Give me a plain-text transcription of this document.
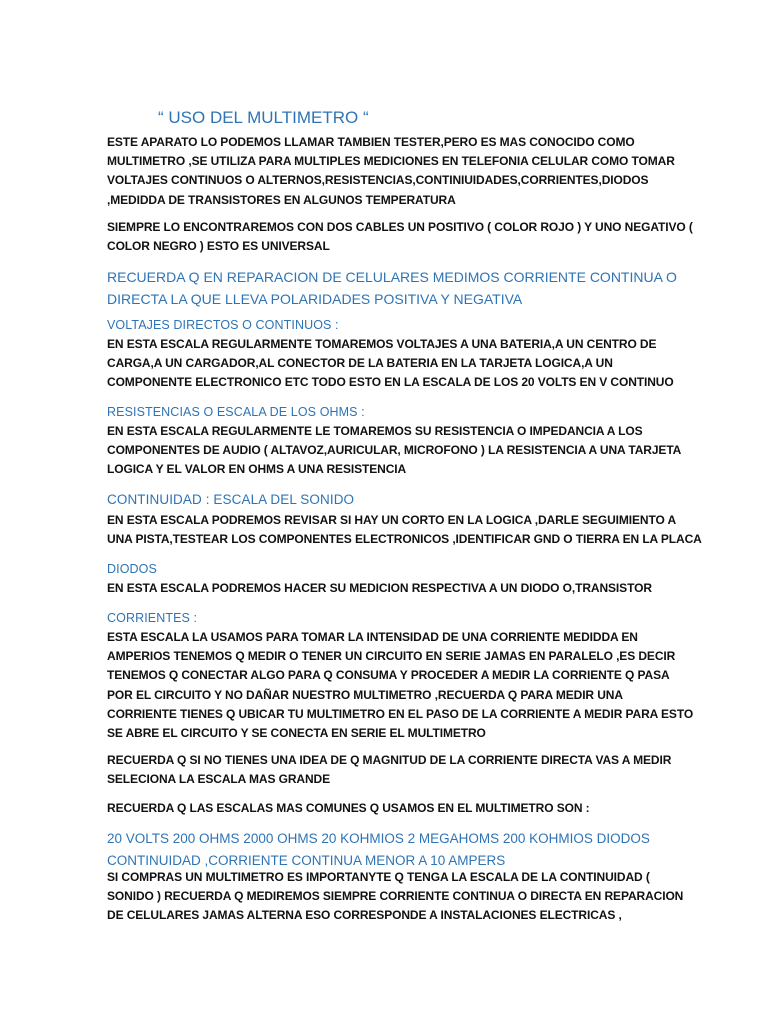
“ USO DEL MULTIMETRO “
ESTE APARATO LO PODEMOS LLAMAR TAMBIEN TESTER,PERO ES MAS CONOCIDO COMO
MULTIMETRO ,SE UTILIZA PARA MULTIPLES MEDICIONES EN TELEFONIA CELULAR COMO TOMAR
VOLTAJES CONTINUOS O ALTERNOS,RESISTENCIAS,CONTINIUIDADES,CORRIENTES,DIODOS
,MEDIDDA DE TRANSISTORES EN ALGUNOS TEMPERATURA
SIEMPRE LO ENCONTRAREMOS CON DOS CABLES UN POSITIVO ( COLOR ROJO ) Y UNO NEGATIVO (
COLOR NEGRO ) ESTO ES UNIVERSAL
RECUERDA Q EN REPARACION DE CELULARES MEDIMOS CORRIENTE CONTINUA O
DIRECTA LA QUE LLEVA POLARIDADES POSITIVA Y NEGATIVA
VOLTAJES DIRECTOS O CONTINUOS :
EN ESTA ESCALA REGULARMENTE TOMAREMOS VOLTAJES A UNA BATERIA,A UN CENTRO DE
CARGA,A UN CARGADOR,AL CONECTOR DE LA BATERIA EN LA TARJETA LOGICA,A UN
COMPONENTE ELECTRONICO ETC TODO ESTO EN LA ESCALA DE LOS 20 VOLTS EN V CONTINUO
RESISTENCIAS O ESCALA DE LOS OHMS :
EN ESTA ESCALA REGULARMENTE LE TOMAREMOS SU RESISTENCIA O IMPEDANCIA A LOS
COMPONENTES DE AUDIO ( ALTAVOZ,AURICULAR, MICROFONO ) LA RESISTENCIA A UNA TARJETA
LOGICA Y EL VALOR EN OHMS A UNA RESISTENCIA
CONTINUIDAD : ESCALA DEL SONIDO
EN ESTA ESCALA PODREMOS REVISAR SI HAY UN CORTO EN LA LOGICA ,DARLE SEGUIMIENTO A
UNA PISTA,TESTEAR LOS COMPONENTES ELECTRONICOS ,IDENTIFICAR GND O TIERRA EN LA PLACA
DIODOS
EN ESTA ESCALA PODREMOS HACER SU MEDICION RESPECTIVA A UN DIODO O,TRANSISTOR
CORRIENTES :
ESTA ESCALA LA USAMOS PARA TOMAR LA INTENSIDAD DE UNA CORRIENTE MEDIDDA EN
AMPERIOS TENEMOS Q MEDIR O TENER UN CIRCUITO EN SERIE JAMAS EN PARALELO ,ES DECIR
TENEMOS Q CONECTAR ALGO PARA Q CONSUMA Y PROCEDER A MEDIR LA CORRIENTE Q PASA
POR EL CIRCUITO Y NO DAÑAR NUESTRO MULTIMETRO ,RECUERDA Q PARA MEDIR UNA
CORRIENTE TIENES Q UBICAR TU MULTIMETRO EN EL PASO DE LA CORRIENTE A MEDIR PARA ESTO
SE ABRE EL CIRCUITO Y SE CONECTA EN SERIE EL MULTIMETRO
RECUERDA Q SI NO TIENES UNA IDEA DE Q MAGNITUD DE LA CORRIENTE DIRECTA VAS A MEDIR
SELECIONA LA ESCALA MAS GRANDE
RECUERDA Q LAS ESCALAS MAS COMUNES Q USAMOS EN EL MULTIMETRO SON :
20 VOLTS 200 OHMS 2000 OHMS 20 KOHMIOS 2 MEGAHOMS 200 KOHMIOS DIODOS
CONTINUIDAD ,CORRIENTE CONTINUA MENOR A 10 AMPERS
SI COMPRAS UN MULTIMETRO ES IMPORTANYTE Q TENGA LA ESCALA DE LA CONTINUIDAD (
SONIDO ) RECUERDA Q MEDIREMOS SIEMPRE CORRIENTE CONTINUA O DIRECTA EN REPARACION
DE CELULARES JAMAS ALTERNA ESO CORRESPONDE A INSTALACIONES ELECTRICAS ,
